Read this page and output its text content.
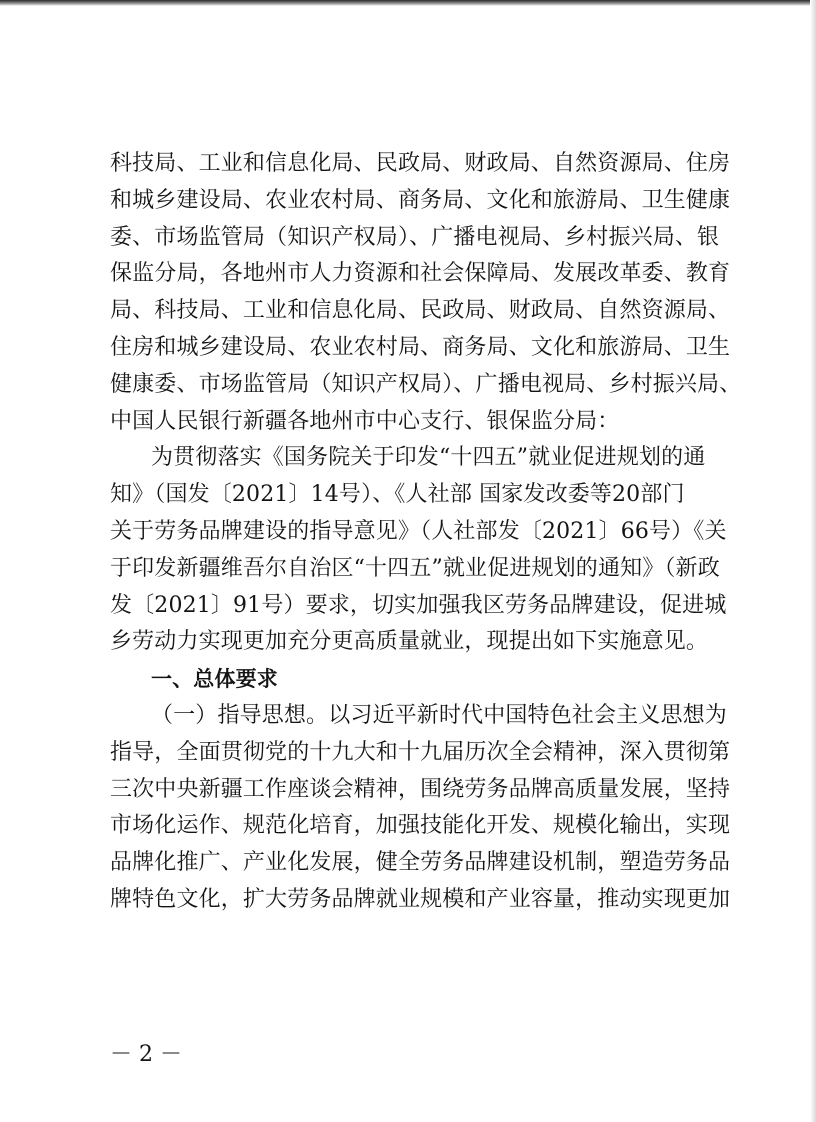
科技局、工业和信息化局、民政局、财政局、自然资源局、住房
和城乡建设局、农业农村局、商务局、文化和旅游局、卫生健康
委、市场监管局（知识产权局）、广播电视局、乡村振兴局、银
保监分局，各地州市人力资源和社会保障局、发展改革委、教育
局、科技局、工业和信息化局、民政局、财政局、自然资源局、
住房和城乡建设局、农业农村局、商务局、文化和旅游局、卫生
健康委、市场监管局（知识产权局）、广播电视局、乡村振兴局、
中国人民银行新疆各地州市中心支行、银保监分局：
为贯彻落实《国务院关于印发“十四五”就业促进规划的通
知》（国发〔2021〕14号）、《人社部 国家发改委等20部门
关于劳务品牌建设的指导意见》（人社部发〔2021〕66号）《关
于印发新疆维吾尔自治区“十四五”就业促进规划的通知》（新政
发〔2021〕91号）要求，切实加强我区劳务品牌建设，促进城
乡劳动力实现更加充分更高质量就业，现提出如下实施意见。
一、总体要求
（一）指导思想。以习近平新时代中国特色社会主义思想为
指导，全面贯彻党的十九大和十九届历次全会精神，深入贯彻第
三次中央新疆工作座谈会精神，围绕劳务品牌高质量发展，坚持
市场化运作、规范化培育，加强技能化开发、规模化输出，实现
品牌化推广、产业化发展，健全劳务品牌建设机制，塑造劳务品
牌特色文化，扩大劳务品牌就业规模和产业容量，推动实现更加
－ 2 －
